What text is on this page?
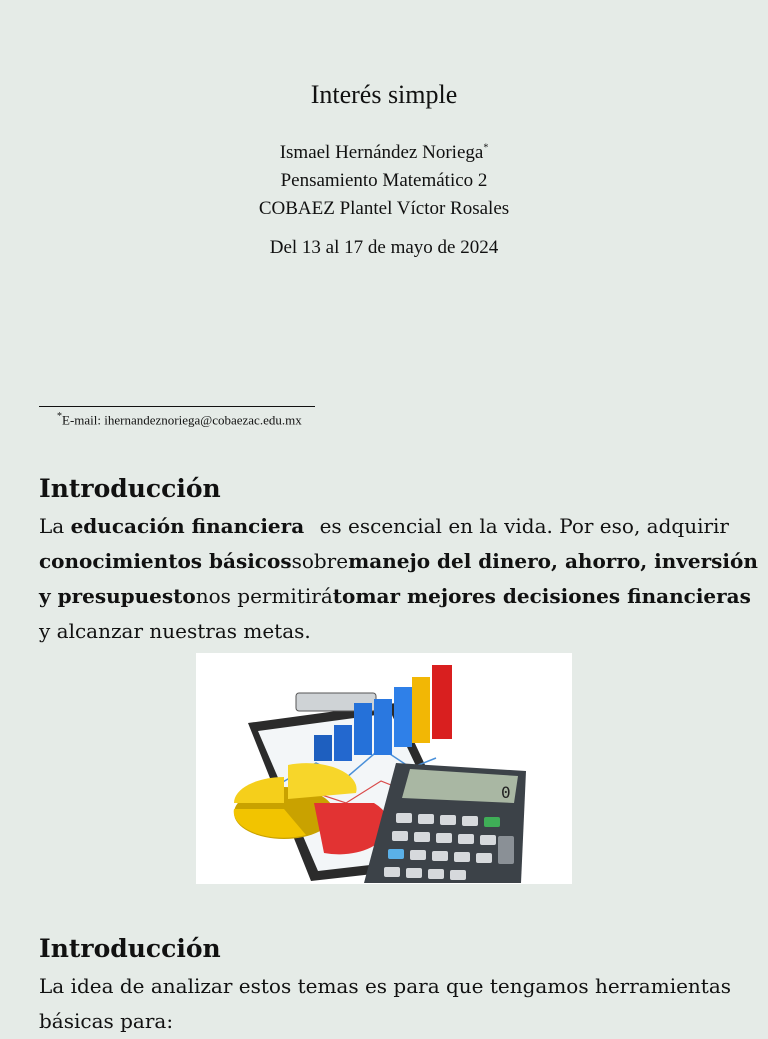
Interés simple
Ismael Hernández Noriega*
Pensamiento Matemático 2
COBAEZ Plantel Víctor Rosales
Del 13 al 17 de mayo de 2024
*E-mail: ihernandeznoriega@cobaezac.edu.mx
Introducción
La educación financiera es escencial en la vida. Por eso, adquirir
conocimientos básicos sobre manejo del dinero, ahorro, inversión
y presupuesto nos permitirá tomar mejores decisiones financieras
y alcanzar nuestras metas.
0
Introducción
La idea de analizar estos temas es para que tengamos herramientas
básicas para:
